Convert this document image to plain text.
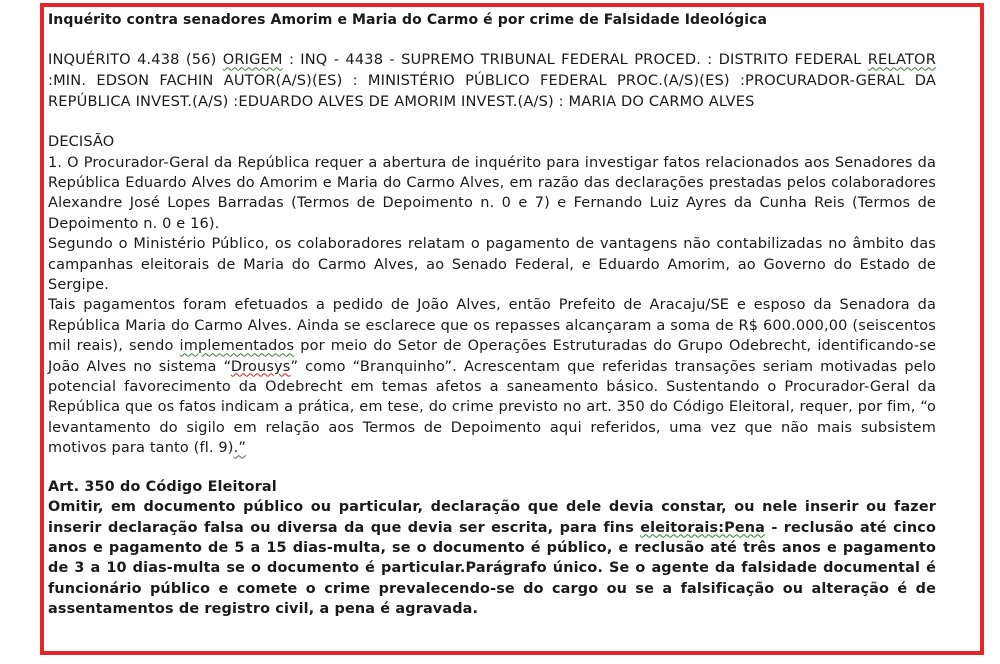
Inquérito contra senadores Amorim e Maria do Carmo é por crime de Falsidade Ideológica

INQUÉRITO 4.438 (56) ORIGEM : INQ - 4438 - SUPREMO TRIBUNAL FEDERAL PROCED. : DISTRITO FEDERAL RELATOR :MIN. EDSON FACHIN AUTOR(A/S)(ES) : MINISTÉRIO PÚBLICO FEDERAL PROC.(A/S)(ES) :PROCURADOR-GERAL DA REPÚBLICA INVEST.(A/S) :EDUARDO ALVES DE AMORIM INVEST.(A/S) : MARIA DO CARMO ALVES

DECISÃO

1. O Procurador-Geral da República requer a abertura de inquérito para investigar fatos relacionados aos Senadores da República Eduardo Alves do Amorim e Maria do Carmo Alves, em razão das declarações prestadas pelos colaboradores Alexandre José Lopes Barradas (Termos de Depoimento n. 0 e 7) e Fernando Luiz Ayres da Cunha Reis (Termos de Depoimento n. 0 e 16).

Segundo o Ministério Público, os colaboradores relatam o pagamento de vantagens não contabilizadas no âmbito das campanhas eleitorais de Maria do Carmo Alves, ao Senado Federal, e Eduardo Amorim, ao Governo do Estado de Sergipe.

Tais pagamentos foram efetuados a pedido de João Alves, então Prefeito de Aracaju/SE e esposo da Senadora da República Maria do Carmo Alves. Ainda se esclarece que os repasses alcançaram a soma de R$ 600.000,00 (seiscentos mil reais), sendo implementados por meio do Setor de Operações Estruturadas do Grupo Odebrecht, identificando-se João Alves no sistema “Drousys” como “Branquinho”. Acrescentam que referidas transações seriam motivadas pelo potencial favorecimento da Odebrecht em temas afetos a saneamento básico. Sustentando o Procurador-Geral da República que os fatos indicam a prática, em tese, do crime previsto no art. 350 do Código Eleitoral, requer, por fim, “o levantamento do sigilo em relação aos Termos de Depoimento aqui referidos, uma vez que não mais subsistem motivos para tanto (fl. 9).”

Art. 350 do Código Eleitoral

Omitir, em documento público ou particular, declaração que dele devia constar, ou nele inserir ou fazer inserir declaração falsa ou diversa da que devia ser escrita, para fins eleitorais:Pena - reclusão até cinco anos e pagamento de 5 a 15 dias-multa, se o documento é público, e reclusão até três anos e pagamento de 3 a 10 dias-multa se o documento é particular.Parágrafo único. Se o agente da falsidade documental é funcionário público e comete o crime prevalecendo-se do cargo ou se a falsificação ou alteração é de assentamentos de registro civil, a pena é agravada.
